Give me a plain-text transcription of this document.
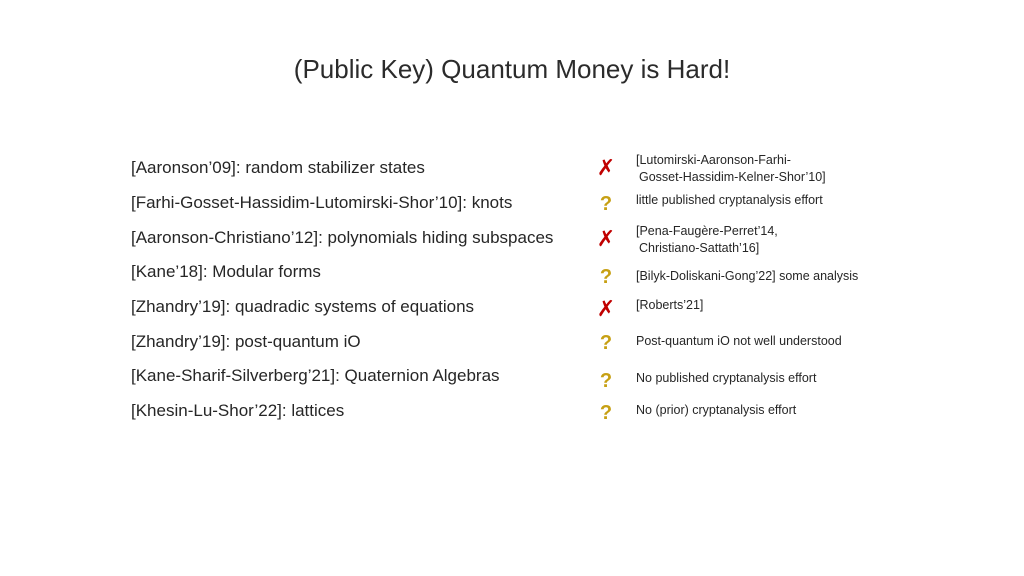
(Public Key) Quantum Money is Hard!
[Aaronson’09]: random stabilizer states	✗	[Lutomirski-Aaronson-Farhi-
Gosset-Hassidim-Kelner-Shor’10]
[Farhi-Gosset-Hassidim-Lutomirski-Shor’10]: knots	?	little published cryptanalysis effort
[Aaronson-Christiano’12]: polynomials hiding subspaces ✗	[Pena-Faugère-Perret’14,
Christiano-Sattath’16]
[Kane’18]: Modular forms	?	[Bilyk-Doliskani-Gong’22] some analysis
[Zhandry’19]: quadradic systems of equations	✗	[Roberts’21]
[Zhandry’19]: post-quantum iO	?	Post-quantum iO not well understood
[Kane-Sharif-Silverberg’21]: Quaternion Algebras	?	No published cryptanalysis effort
[Khesin-Lu-Shor’22]: lattices	?	No (prior) cryptanalysis effort
